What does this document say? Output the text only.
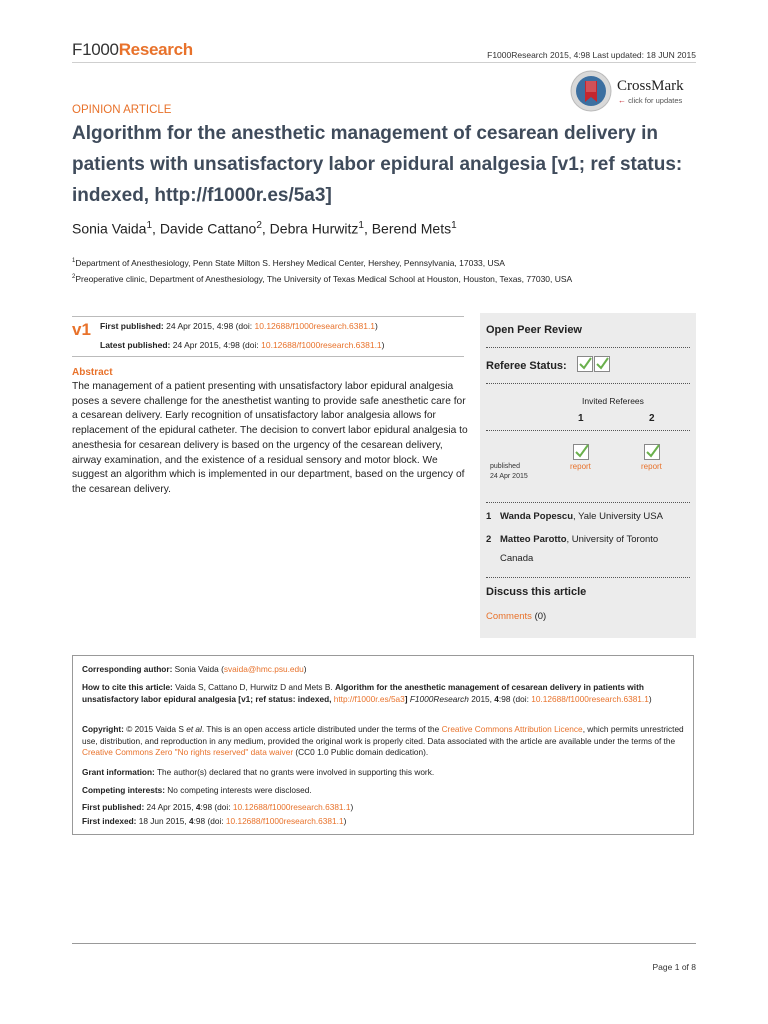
F1000Research	F1000Research 2015, 4:98 Last updated: 18 JUN 2015
CrossMark
← click for updates
OPINION ARTICLE
Algorithm for the anesthetic management of cesarean delivery in patients with unsatisfactory labor epidural analgesia [v1; ref status: indexed, http://f1000r.es/5a3]
Sonia Vaida$^1$, Davide Cattano$^2$, Debra Hurwitz$^1$, Berend Mets$^1$
$^1$Department of Anesthesiology, Penn State Milton S. Hershey Medical Center, Hershey, Pennsylvania, 17033, USA
$^2$Preoperative clinic, Department of Anesthesiology, The University of Texas Medical School at Houston, Houston, Texas, 77030, USA
v1 First published: 24 Apr 2015, 4:98 (doi: 10.12688/f1000research.6381.1)
Latest published: 24 Apr 2015, 4:98 (doi: 10.12688/f1000research.6381.1)
Abstract

The management of a patient presenting with unsatisfactory labor epidural analgesia poses a severe challenge for the anesthetist wanting to provide safe anesthetic care for a cesarean delivery. Early recognition of unsatisfactory labor analgesia allows for replacement of the epidural catheter. The decision to convert labor epidural analgesia to anesthesia for cesarean delivery is based on the urgency of the cesarean delivery, airway examination, and the existence of a residual sensory and motor block. We suggest an algorithm which is implemented in our department, based on the urgency of the cesarean delivery.

Open Peer Review
Referee Status:
Invited Referees
1	2
published
24 Apr 2015
report	report
1 Wanda Popescu, Yale University USA
2 Matteo Parotto, University of Toronto
Canada
Discuss this article
Comments (0)
Corresponding author: Sonia Vaida (svaida@hmc.psu.edu)
How to cite this article: Vaida S, Cattano D, Hurwitz D and Mets B. Algorithm for the anesthetic management of cesarean delivery in patients with unsatisfactory labor epidural analgesia [v1; ref status: indexed, http://f1000r.es/5a3] F1000Research 2015, 4:98 (doi: 10.12688/f1000research.6381.1)
Copyright: © 2015 Vaida S et al. This is an open access article distributed under the terms of the Creative Commons Attribution Licence, which permits unrestricted use, distribution, and reproduction in any medium, provided the original work is properly cited. Data associated with the article are available under the terms of the Creative Commons Zero "No rights reserved" data waiver (CC0 1.0 Public domain dedication).
Grant information: The author(s) declared that no grants were involved in supporting this work.
Competing interests: No competing interests were disclosed.
First published: 24 Apr 2015, 4:98 (doi: 10.12688/f1000research.6381.1)
First indexed: 18 Jun 2015, 4:98 (doi: 10.12688/f1000research.6381.1)
Page 1 of 8
